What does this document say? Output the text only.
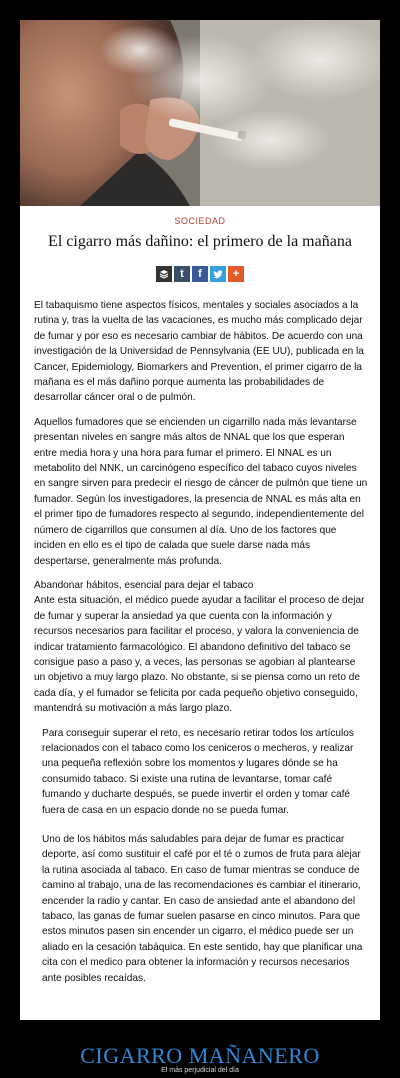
SOCIEDAD
El cigarro más dañino: el primero de la mañana
t	f	+

El tabaquismo tiene aspectos físicos, mentales y sociales asociados a la rutina y, tras la vuelta de las vacaciones, es mucho más complicado dejar de fumar y por eso es necesario cambiar de hábitos. De acuerdo con una investigación de la Universidad de Pennsylvania (EE UU), publicada en la Cancer, Epidemiology, Biomarkers and Prevention, el primer cigarro de la mañana es el más dañino porque aumenta las probabilidades de desarrollar cáncer oral o de pulmón.

Aquellos fumadores que se encienden un cigarrillo nada más levantarse presentan niveles en sangre más altos de NNAL que los que esperan entre media hora y una hora para fumar el primero. El NNAL es un metabolito del NNK, un carcinógeno específico del tabaco cuyos niveles en sangre sirven para predecir el riesgo de cáncer de pulmón que tiene un fumador. Según los investigadores, la presencia de NNAL es más alta en el primer tipo de fumadores respecto al segundo, independientemente del número de cigarrillos que consumen al día. Uno de los factores que inciden en ello es el tipo de calada que suele darse nada más despertarse, generalmente más profunda.

Abandonar hábitos, esencial para dejar el tabaco
Ante esta situación, el médico puede ayudar a facilitar el proceso de dejar de fumar y superar la ansiedad ya que cuenta con la información y recursos necesarios para facilitar el proceso, y valora la conveniencia de indicar tratamiento farmacológico. El abandono definitivo del tabaco se consigue paso a paso y, a veces, las personas se agobian al plantearse un objetivo a muy largo plazo. No obstante, si se piensa como un reto de cada día, y el fumador se felicita por cada pequeño objetivo conseguido, mantendrá su motivación a más largo plazo.

Para conseguir superar el reto, es necesario retirar todos los artículos relacionados con el tabaco como los ceniceros o mecheros, y realizar una pequeña reflexión sobre los momentos y lugares dónde se ha consumido tabaco. Si existe una rutina de levantarse, tomar café fumando y ducharte después, se puede invertir el orden y tomar café fuera de casa en un espacio donde no se pueda fumar.

Uno de los hábitos más saludables para dejar de fumar es practicar deporte, así como sustituir el café por el té o zumos de fruta para alejar la rutina asociada al tabaco. En caso de fumar mientras se conduce de camino al trabajo, una de las recomendaciones es cambiar el itinerario, encender la radio y cantar. En caso de ansiedad ante el abandono del tabaco, las ganas de fumar suelen pasarse en cinco minutos. Para que estos minutos pasen sin encender un cigarro, el médico puede ser un aliado en la cesación tabáquica. En este sentido, hay que planificar una cita con el medico para obtener la información y recursos necesarios ante posibles recaídas.

CIGARRO MAÑANERO
El más perjudicial del día
